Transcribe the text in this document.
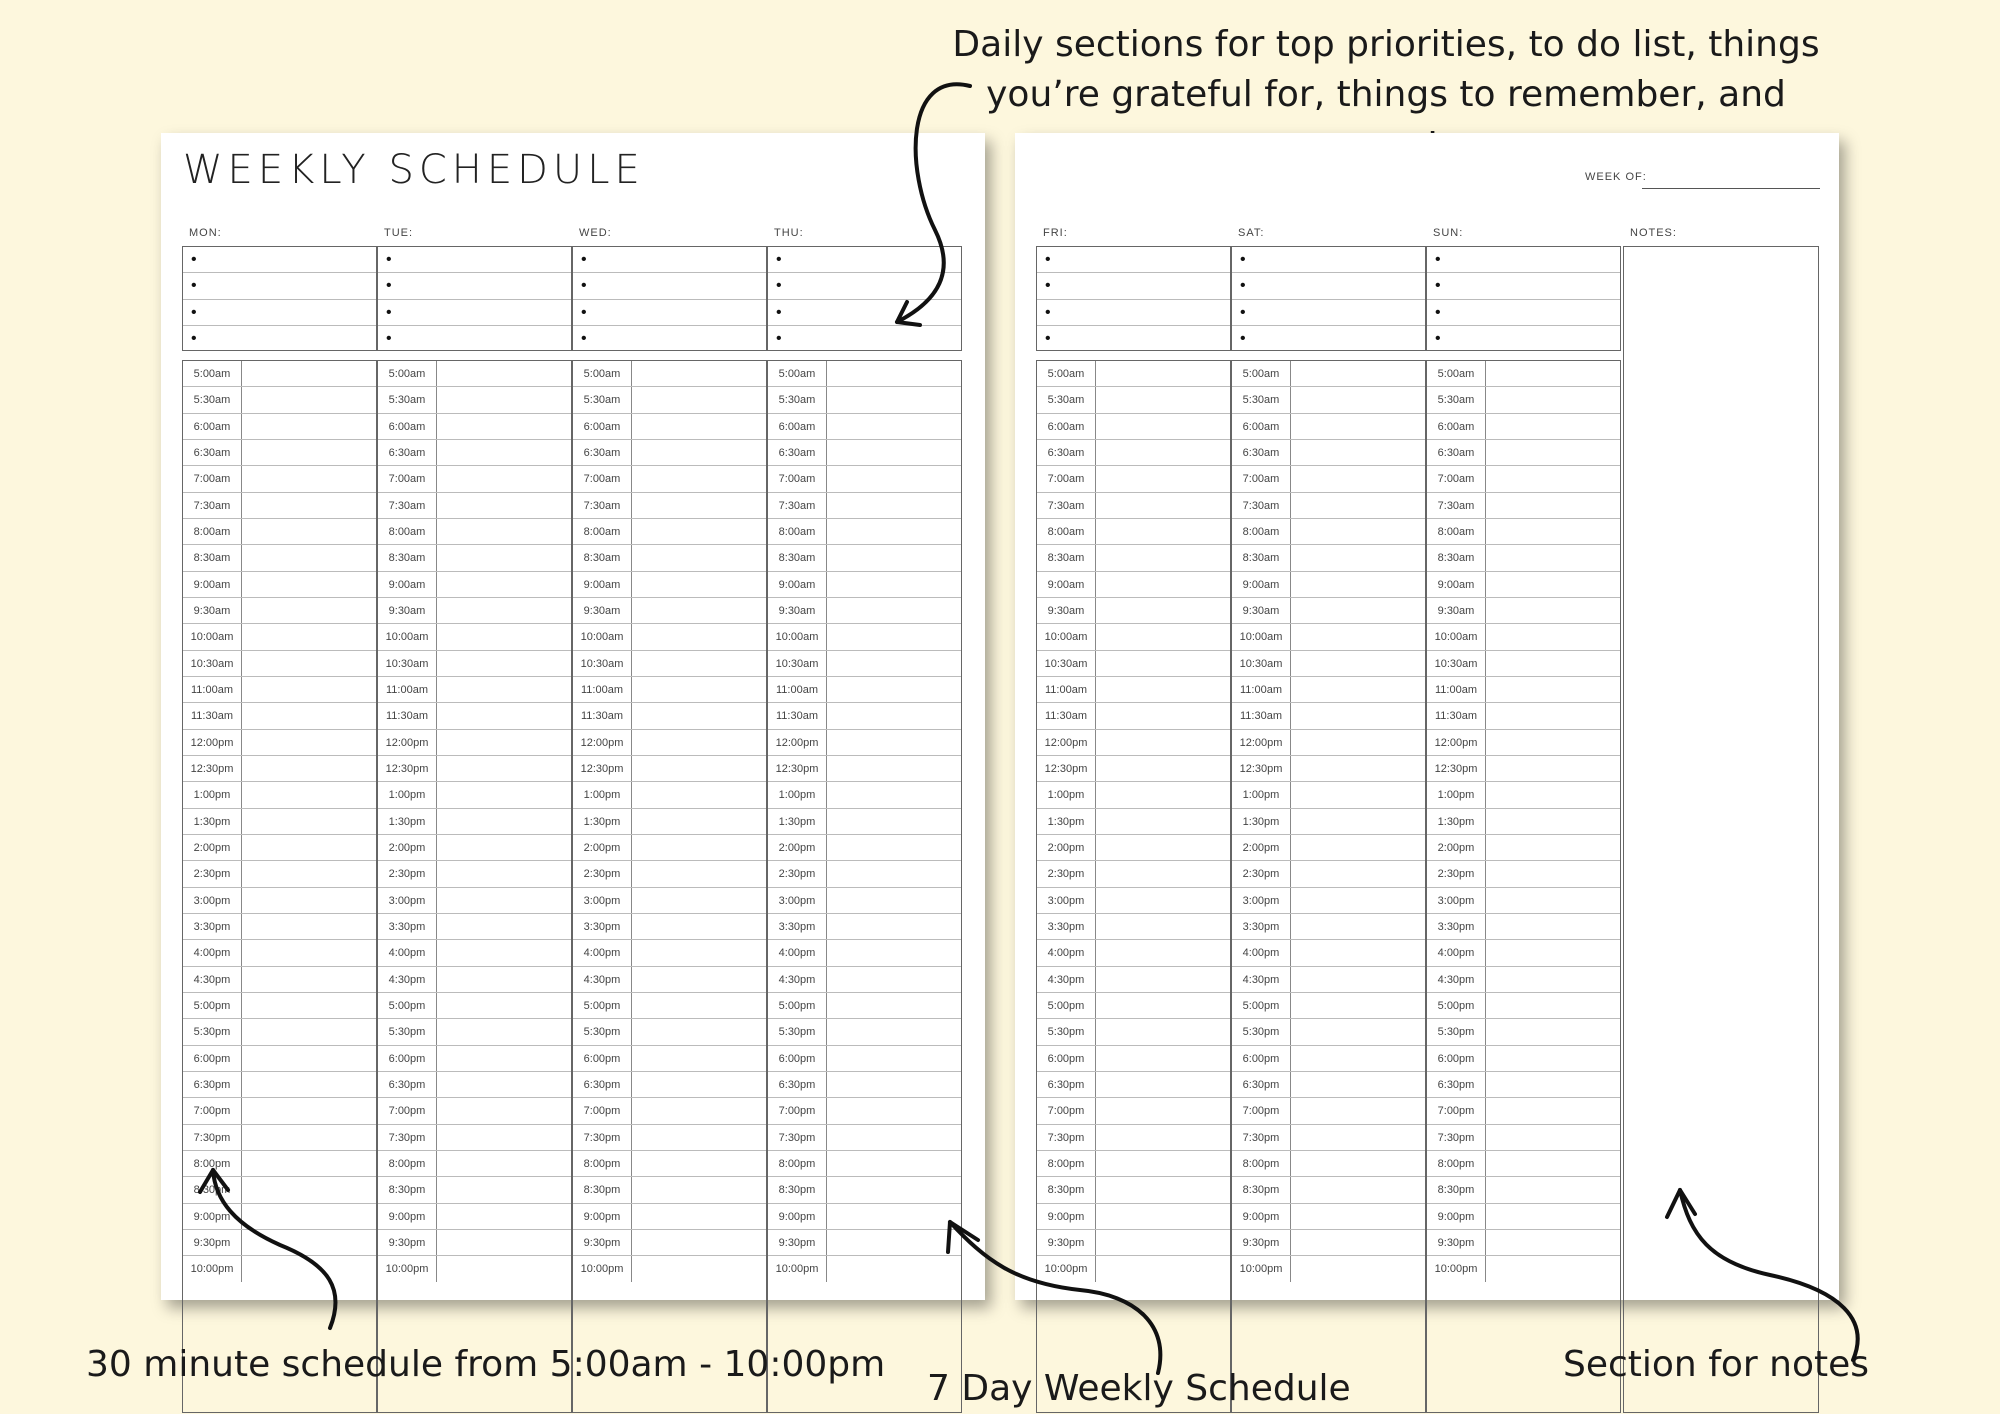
Daily sections for top priorities, to do list, things you’re grateful for, things to remember, and
WEEKLY SCHEDULE
MON:
•
•
•
•
5:00am
5:30am
6:00am
6:30am
7:00am
7:30am
8:00am
8:30am
9:00am
9:30am
10:00am
10:30am
11:00am
11:30am
12:00pm
12:30pm
1:00pm
1:30pm
2:00pm
2:30pm
3:00pm
3:30pm
4:00pm
4:30pm
5:00pm
5:30pm
6:00pm
6:30pm
7:00pm
7:30pm
8:00pm
8:30pm
9:00pm
9:30pm
10:00pm
TUE:
•
•
•
•
5:00am
5:30am
6:00am
6:30am
7:00am
7:30am
8:00am
8:30am
9:00am
9:30am
10:00am
10:30am
11:00am
11:30am
12:00pm
12:30pm
1:00pm
1:30pm
2:00pm
2:30pm
3:00pm
3:30pm
4:00pm
4:30pm
5:00pm
5:30pm
6:00pm
6:30pm
7:00pm
7:30pm
8:00pm
8:30pm
9:00pm
9:30pm
10:00pm
WED:
•
•
•
•
5:00am
5:30am
6:00am
6:30am
7:00am
7:30am
8:00am
8:30am
9:00am
9:30am
10:00am
10:30am
11:00am
11:30am
12:00pm
12:30pm
1:00pm
1:30pm
2:00pm
2:30pm
3:00pm
3:30pm
4:00pm
4:30pm
5:00pm
5:30pm
6:00pm
6:30pm
7:00pm
7:30pm
8:00pm
8:30pm
9:00pm
9:30pm
10:00pm
THU:
•
•
•
•
5:00am
5:30am
6:00am
6:30am
7:00am
7:30am
8:00am
8:30am
9:00am
9:30am
10:00am
10:30am
11:00am
11:30am
12:00pm
12:30pm
1:00pm
1:30pm
2:00pm
2:30pm
3:00pm
3:30pm
4:00pm
4:30pm
5:00pm
5:30pm
6:00pm
6:30pm
7:00pm
7:30pm
8:00pm
8:30pm
9:00pm
9:30pm
10:00pm
WEEK OF:
FRI:
•
•
•
•
5:00am
5:30am
6:00am
6:30am
7:00am
7:30am
8:00am
8:30am
9:00am
9:30am
10:00am
10:30am
11:00am
11:30am
12:00pm
12:30pm
1:00pm
1:30pm
2:00pm
2:30pm
3:00pm
3:30pm
4:00pm
4:30pm
5:00pm
5:30pm
6:00pm
6:30pm
7:00pm
7:30pm
8:00pm
8:30pm
9:00pm
9:30pm
10:00pm
SAT:
•
•
•
•
5:00am
5:30am
6:00am
6:30am
7:00am
7:30am
8:00am
8:30am
9:00am
9:30am
10:00am
10:30am
11:00am
11:30am
12:00pm
12:30pm
1:00pm
1:30pm
2:00pm
2:30pm
3:00pm
3:30pm
4:00pm
4:30pm
5:00pm
5:30pm
6:00pm
6:30pm
7:00pm
7:30pm
8:00pm
8:30pm
9:00pm
9:30pm
10:00pm
SUN:
•
•
•
•
5:00am
5:30am
6:00am
6:30am
7:00am
7:30am
8:00am
8:30am
9:00am
9:30am
10:00am
10:30am
11:00am
11:30am
12:00pm
12:30pm
1:00pm
1:30pm
2:00pm
2:30pm
3:00pm
3:30pm
4:00pm
4:30pm
5:00pm
5:30pm
6:00pm
6:30pm
7:00pm
7:30pm
8:00pm
8:30pm
9:00pm
9:30pm
10:00pm
NOTES:
30 minute schedule from 5:00am - 10:00pm
7 Day Weekly Schedule
Section for notes
